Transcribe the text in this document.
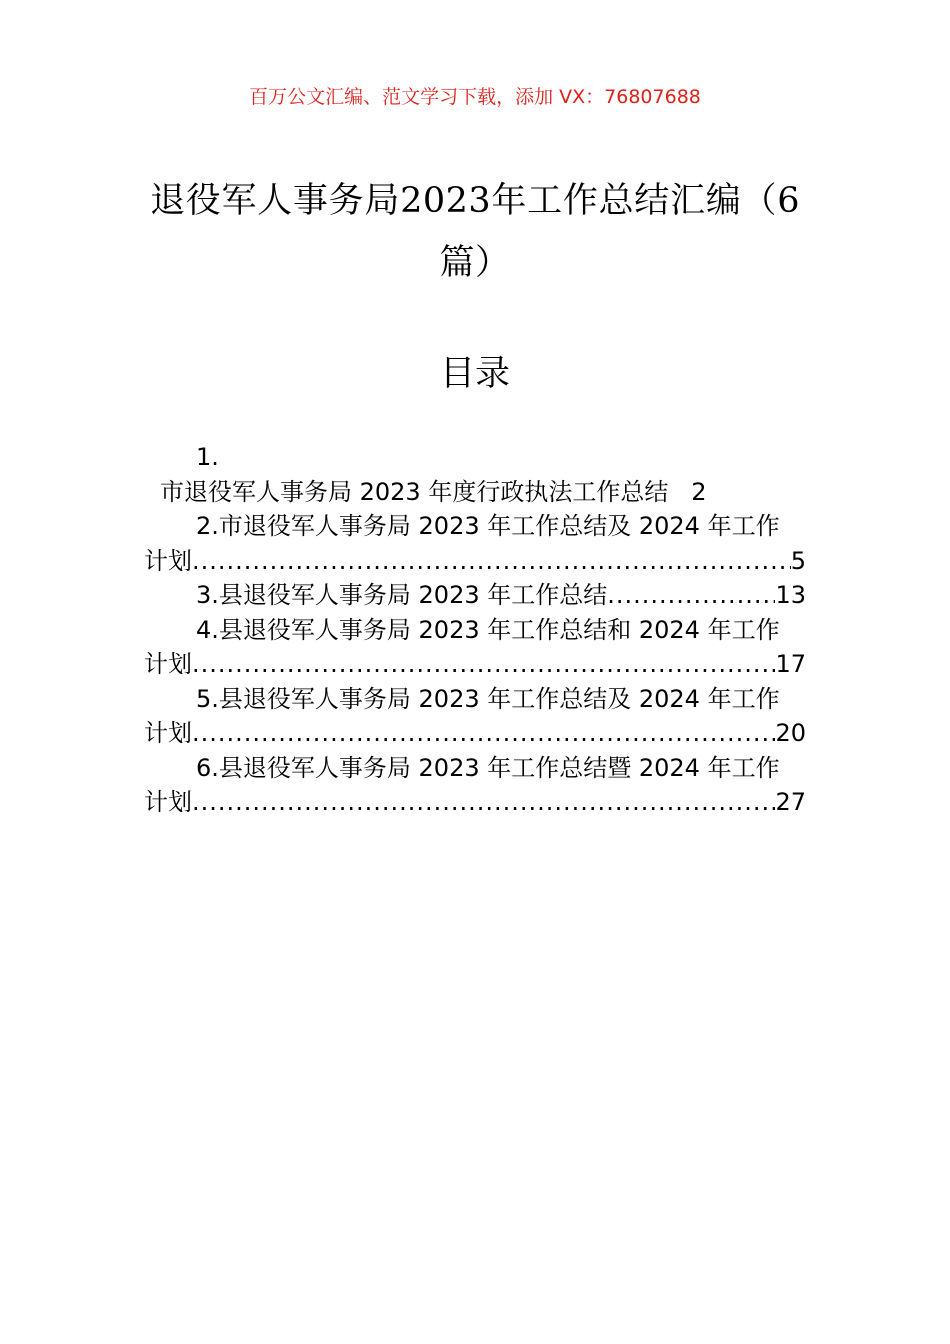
百万公文汇编、范文学习下载，添加 VX：76807688
退役军人事务局2023年工作总结汇编（6 篇）
目录
1.
市退役军人事务局 2023 年度行政执法工作总结 2
2.市退役军人事务局 2023 年工作总结及 2024 年工作
计划 .....	5
3.县退役军人事务局 2023 年工作总结 .....	13
4.县退役军人事务局 2023 年工作总结和 2024 年工作
计划 .....	17
5.县退役军人事务局 2023 年工作总结及 2024 年工作
计划 .....	20
6.县退役军人事务局 2023 年工作总结暨 2024 年工作
计划 .....	27
